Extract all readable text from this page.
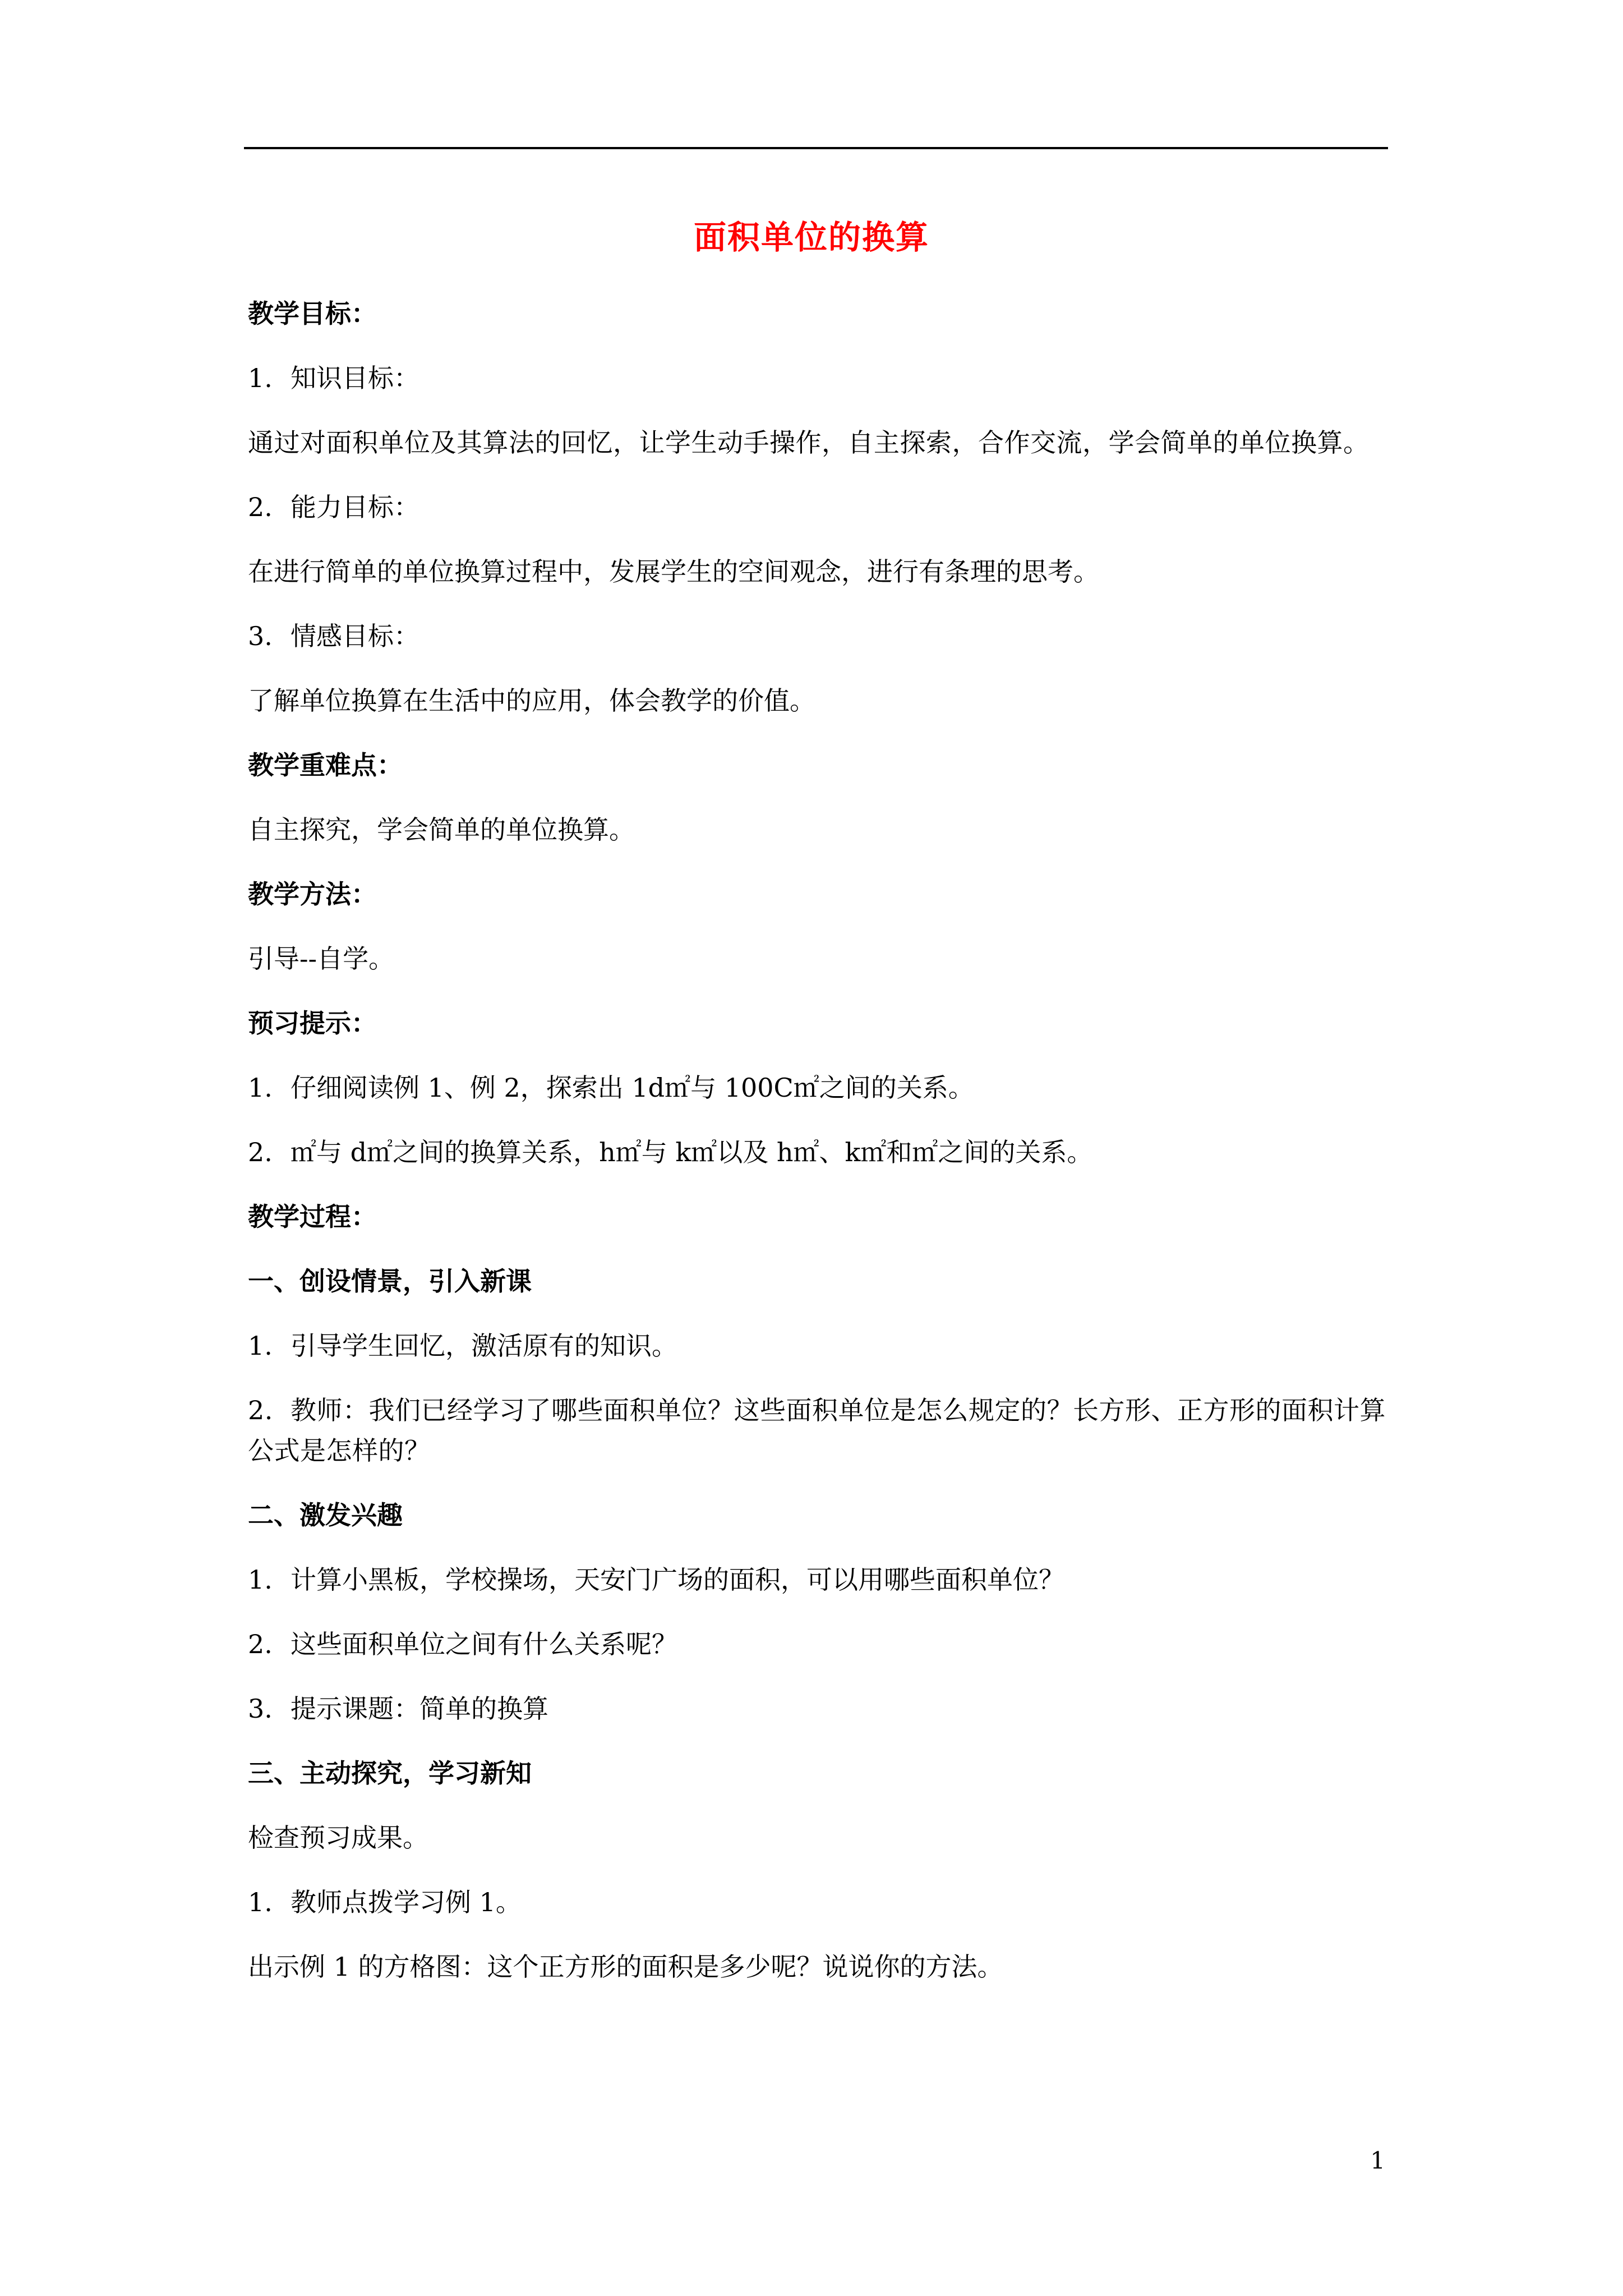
面积单位的换算
教学目标：
1. 知识目标：
通过对面积单位及其算法的回忆，让学生动手操作，自主探索，合作交流，学会简单的单位换算。
2. 能力目标：
在进行简单的单位换算过程中，发展学生的空间观念，进行有条理的思考。
3. 情感目标：
了解单位换算在生活中的应用，体会教学的价值。
教学重难点：
自主探究，学会简单的单位换算。
教学方法：
引导--自学。
预习提示：
1. 仔细阅读例 1、例 2，探索出 1d㎡与 100C㎡之间的关系。
2. ㎡与 d㎡之间的换算关系，h㎡与 k㎡以及 h㎡、k㎡和㎡之间的关系。
教学过程：
一、创设情景，引入新课
1. 引导学生回忆，激活原有的知识。
2. 教师：我们已经学习了哪些面积单位？这些面积单位是怎么规定的？长方形、正方形的面积计算公式是怎样的？
二、激发兴趣
1. 计算小黑板，学校操场，天安门广场的面积，可以用哪些面积单位？
2. 这些面积单位之间有什么关系呢？
3. 提示课题：简单的换算
三、主动探究，学习新知
检查预习成果。
1. 教师点拨学习例 1。
出示例 1 的方格图：这个正方形的面积是多少呢？说说你的方法。
1
